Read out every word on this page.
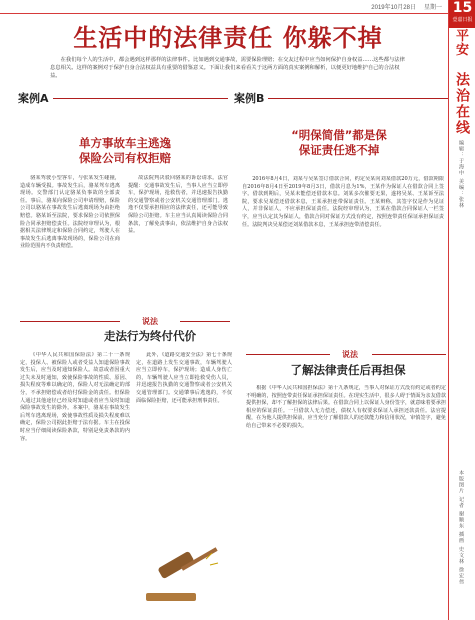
2019年10月28日 星期一
生活中的法律责任 你躲不掉
在我们每个人的生活中，都会遇到这样那样的法律事件。比如遇到交通事故，需要保险理赔；在交友过程中应当如何保护自身权益……这些都与法律息息相关。这样的案例对于保护自身合法权益具有重要的借鉴意义。下面让我们来看看关于这两方面的真实案例和解析，以便更好地维护自己的合法权益。
案例A
单方事故车主逃逸
保险公司有权拒赔

骆某驾驶小型客车，与张某发生碰撞，造成车辆受损。事故发生后，骆某驾车逃离现场。交警部门认定骆某负事故的全部责任。事后，骆某向保险公司申请理赔，保险公司以骆某在事故发生后逃离现场为由拒绝赔偿。骆某诉至法院，要求保险公司依照保险合同承担赔偿责任。法院经审理认为，根据相关法律规定和保险合同约定，驾驶人在事故发生后逃离事故现场的，保险公司在商业险范围内不负责赔偿。

故法院判决驳回骆某的诉讼请求。法官提醒：交通事故发生后，当事人应当立即停车，保护现场，抢救伤者，并迅速报告执勤的交通警察或者公安机关交通管理部门。逃逸不仅要承担相应的法律责任，还可能导致保险公司拒赔。车主应当认真阅读保险合同条款，了解免责事由，依法维护自身合法权益。

案例B
“明保简借”都是保
保证责任逃不掉

2016年8月4日，刘某与吴某签订借款合同，约定吴某向刘某借款20万元，借款期限自2016年8月4日至2019年8月3日，借款月息为1%，王某作为保证人在借款合同上签字。借款到期后，吴某未能偿还借款本息。刘某多次催要无果，遂将吴某、王某诉至法院，要求吴某偿还借款本息，王某承担连带保证责任。王某辩称，其签字仅是作为见证人，并非保证人，不应承担保证责任。法院经审理认为，王某在借款合同保证人一栏签字，应当认定其为保证人，借款合同对保证方式没有约定，按照连带责任保证承担保证责任。法院判决吴某偿还刘某借款本息，王某承担连带清偿责任。

说法
走法行为终付代价

《中华人民共和国保险法》第二十一条规定，投保人、被保险人或者受益人知道保险事故发生后，应当及时通知保险人。故意或者因重大过失未及时通知，致使保险事故的性质、原因、损失程度等难以确定的，保险人对无法确定的部分，不承担赔偿或者给付保险金的责任。但保险人通过其他途径已经及时知道或者应当及时知道保险事故发生的除外。本案中，骆某在事故发生后驾车逃离现场，致使事故性质及损失程度难以确定，保险公司据此拒赔于法有据。车主在投保时应当仔细阅读保险条款，特别是免责条款的内容。

此外，《道路交通安全法》第七十条规定，在道路上发生交通事故，车辆驾驶人应当立即停车，保护现场；造成人身伤亡的，车辆驾驶人应当立即抢救受伤人员，并迅速报告执勤的交通警察或者公安机关交通管理部门。交通肇事后逃逸的，不仅面临保险拒赔，还可能承担刑事责任。

说法
了解法律责任后再担保

根据《中华人民共和国担保法》第十九条规定，当事人对保证方式没有约定或者约定不明确的，按照连带责任保证承担保证责任。在现实生活中，很多人碍于情面为亲友借款提供担保，却不了解担保的法律后果。在借款合同上以保证人身份签字，就意味着要承担相应的保证责任。一旦借款人无力偿还，债权人有权要求保证人承担还款责任。法官提醒，在为他人提供担保前，应当充分了解借款人的还款能力和信用状况，审慎签字，避免给自己带来不必要的损失。

15
壹嘉日报
平安
法治在线
编辑：于海中 美编：张林
本版图片 记者 谢顺东 插画 史文林 徐宏伟
